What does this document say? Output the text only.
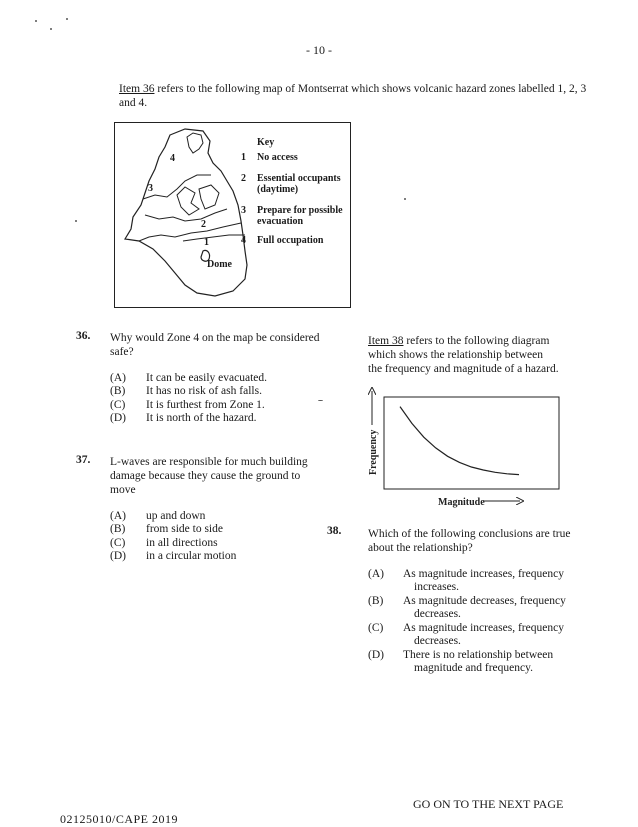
- 10 -
Item 36 refers to the following map of Montserrat which shows volcanic hazard zones labelled 1, 2, 3
and 4.
4
3
2
1
Dome
Key
1 No access
2 Essential occupants
(daytime)
3 Prepare for possible
evacuation
4 Full occupation
36. Why would Zone 4 on the map be considered
safe?
(A)	It can be easily evacuated.
(B)	It has no risk of ash falls.
(C)	It is furthest from Zone 1.
(D)	It is north of the hazard.
37. L-waves are responsible for much building
damage because they cause the ground to
move
(A)	up and down
(B)	from side to side
(C)	in all directions
(D)	in a circular motion
Item 38 refers to the following diagram
which shows the relationship between
the frequency and magnitude of a hazard.
Frequency
Magnitude
38. Which of the following conclusions are true
about the relationship?
(A)	As magnitude increases, frequency
increases.
(B)	As magnitude decreases, frequency
decreases.
(C)	As magnitude increases, frequency
decreases.
(D)	There is no relationship between
magnitude and frequency.
02125010/CAPE 2019
GO ON TO THE NEXT PAGE
